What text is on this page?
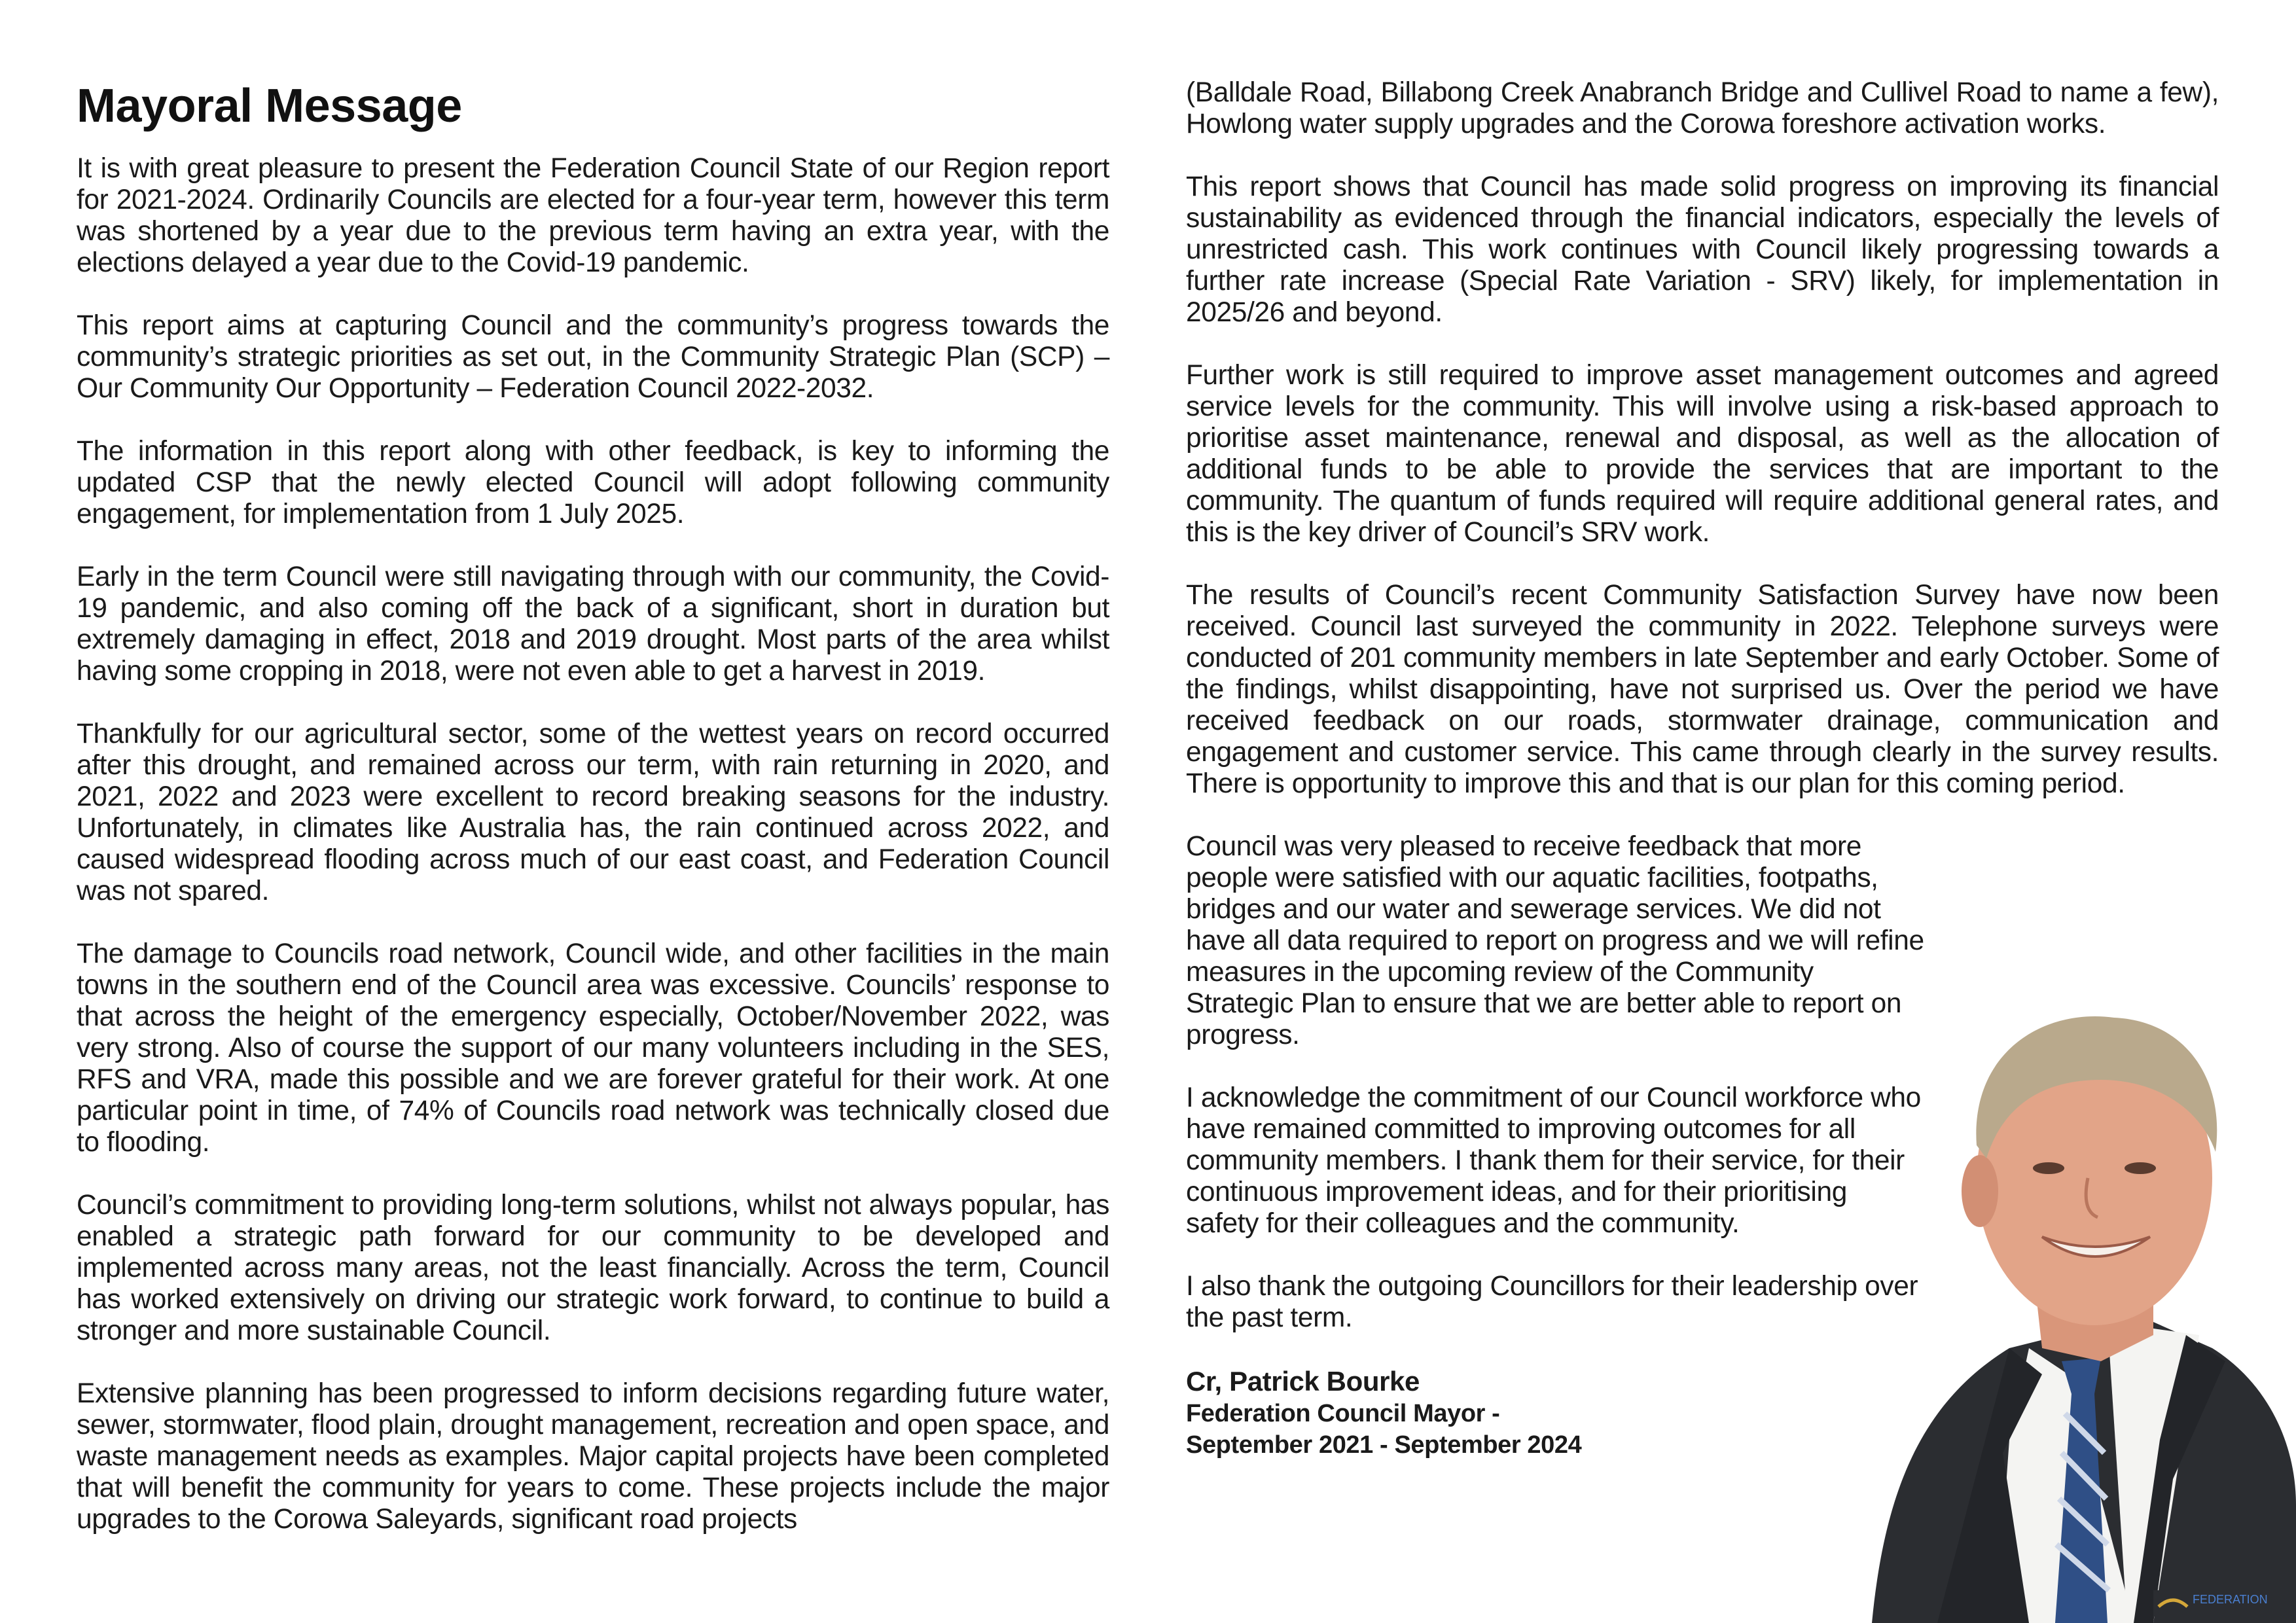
Mayoral Message

It is with great pleasure to present the Federation Council State of our Region report for 2021-2024. Ordinarily Councils are elected for a four-year term, however this term was shortened by a year due to the previous term having an extra year, with the elections delayed a year due to the Covid-19 pandemic.

This report aims at capturing Council and the community’s progress towards the community’s strategic priorities as set out, in the Community Strategic Plan (SCP) – Our Community Our Opportunity – Federation Council 2022-2032.

The information in this report along with other feedback, is key to informing the updated CSP that the newly elected Council will adopt following community engagement, for implementation from 1 July 2025.

Early in the term Council were still navigating through with our community, the Covid-19 pandemic, and also coming off the back of a significant, short in duration but extremely damaging in effect, 2018 and 2019 drought. Most parts of the area whilst having some cropping in 2018, were not even able to get a harvest in 2019.

Thankfully for our agricultural sector, some of the wettest years on record occurred after this drought, and remained across our term, with rain returning in 2020, and 2021, 2022 and 2023 were excellent to record breaking seasons for the industry. Unfortunately, in climates like Australia has, the rain continued across 2022, and caused widespread flooding across much of our east coast, and Federation Council was not spared.

The damage to Councils road network, Council wide, and other facilities in the main towns in the southern end of the Council area was excessive. Councils’ response to that across the height of the emergency especially, October/November 2022, was very strong. Also of course the support of our many volunteers including in the SES, RFS and VRA, made this possible and we are forever grateful for their work. At one particular point in time, of 74% of Councils road network was technically closed due to flooding.

Council’s commitment to providing long-term solutions, whilst not always popular, has enabled a strategic path forward for our community to be developed and implemented across many areas, not the least financially. Across the term, Council has worked extensively on driving our strategic work forward, to continue to build a stronger and more sustainable Council.

Extensive planning has been progressed to inform decisions regarding future water, sewer, stormwater, flood plain, drought management, recreation and open space, and waste management needs as examples. Major capital projects have been completed that will benefit the community for years to come. These projects include the major upgrades to the Corowa Saleyards, significant road projects

(Balldale Road, Billabong Creek Anabranch Bridge and Cullivel Road to name a few), Howlong water supply upgrades and the Corowa foreshore activation works.

This report shows that Council has made solid progress on improving its financial sustainability as evidenced through the financial indicators, especially the levels of unrestricted cash. This work continues with Council likely progressing towards a further rate increase (Special Rate Variation - SRV) likely, for implementation in 2025/26 and beyond.

Further work is still required to improve asset management outcomes and agreed service levels for the community. This will involve using a risk-based approach to prioritise asset maintenance, renewal and disposal, as well as the allocation of additional funds to be able to provide the services that are important to the community. The quantum of funds required will require additional general rates, and this is the key driver of Council’s SRV work.

The results of Council’s recent Community Satisfaction Survey have now been received. Council last surveyed the community in 2022. Telephone surveys were conducted of 201 community members in late September and early October. Some of the findings, whilst disappointing, have not surprised us. Over the period we have received feedback on our roads, stormwater drainage, communication and engagement and customer service. This came through clearly in the survey results. There is opportunity to improve this and that is our plan for this coming period.

Council was very pleased to receive feedback that more people were satisfied with our aquatic facilities, footpaths, bridges and our water and sewerage services. We did not have all data required to report on progress and we will refine measures in the upcoming review of the Community Strategic Plan to ensure that we are better able to report on progress.

I acknowledge the commitment of our Council workforce who have remained committed to improving outcomes for all community members. I thank them for their service, for their continuous improvement ideas, and for their prioritising safety for their colleagues and the community.

I also thank the outgoing Councillors for their leadership over the past term.

Cr, Patrick Bourke
Federation Council Mayor -
September 2021 - September 2024
FEDERATION
